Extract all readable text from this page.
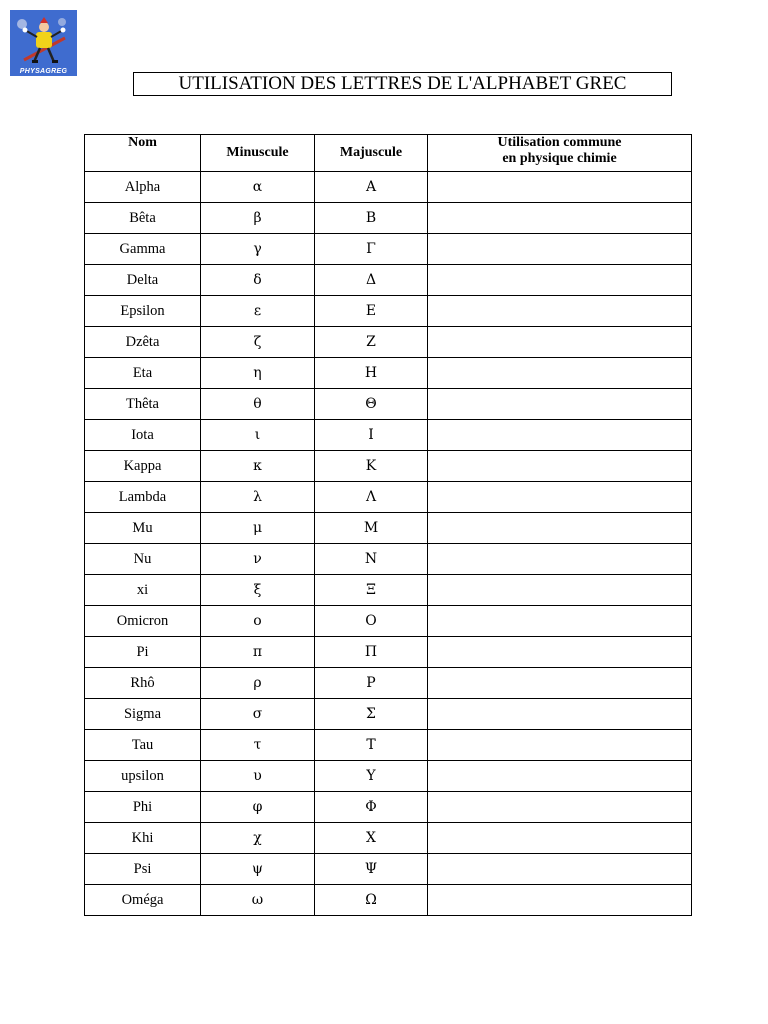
PHYSAGREG
UTILISATION DES LETTRES DE L'ALPHABET GREC
Nom	Minuscule	Majuscule	Utilisation commune
en physique chimie

Alpha	α	Α	
Bêta	β	Β	
Gamma	γ	Γ	
Delta	δ	Δ	
Epsilon	ε	Ε	
Dzêta	ζ	Ζ	
Eta	η	Η	
Thêta	θ	Θ	
Iota	ι	Ι	
Kappa	κ	Κ	
Lambda	λ	Λ	
Mu	μ	Μ	
Nu	ν	Ν	
xi	ξ	Ξ	
Omicron	ο	Ο	
Pi	π	Π	
Rhô	ρ	Ρ	
Sigma	σ	Σ	
Tau	τ	Τ	
upsilon	υ	Υ	
Phi	φ	Φ	
Khi	χ	Χ	
Psi	ψ	Ψ	
Oméga	ω	Ω	
